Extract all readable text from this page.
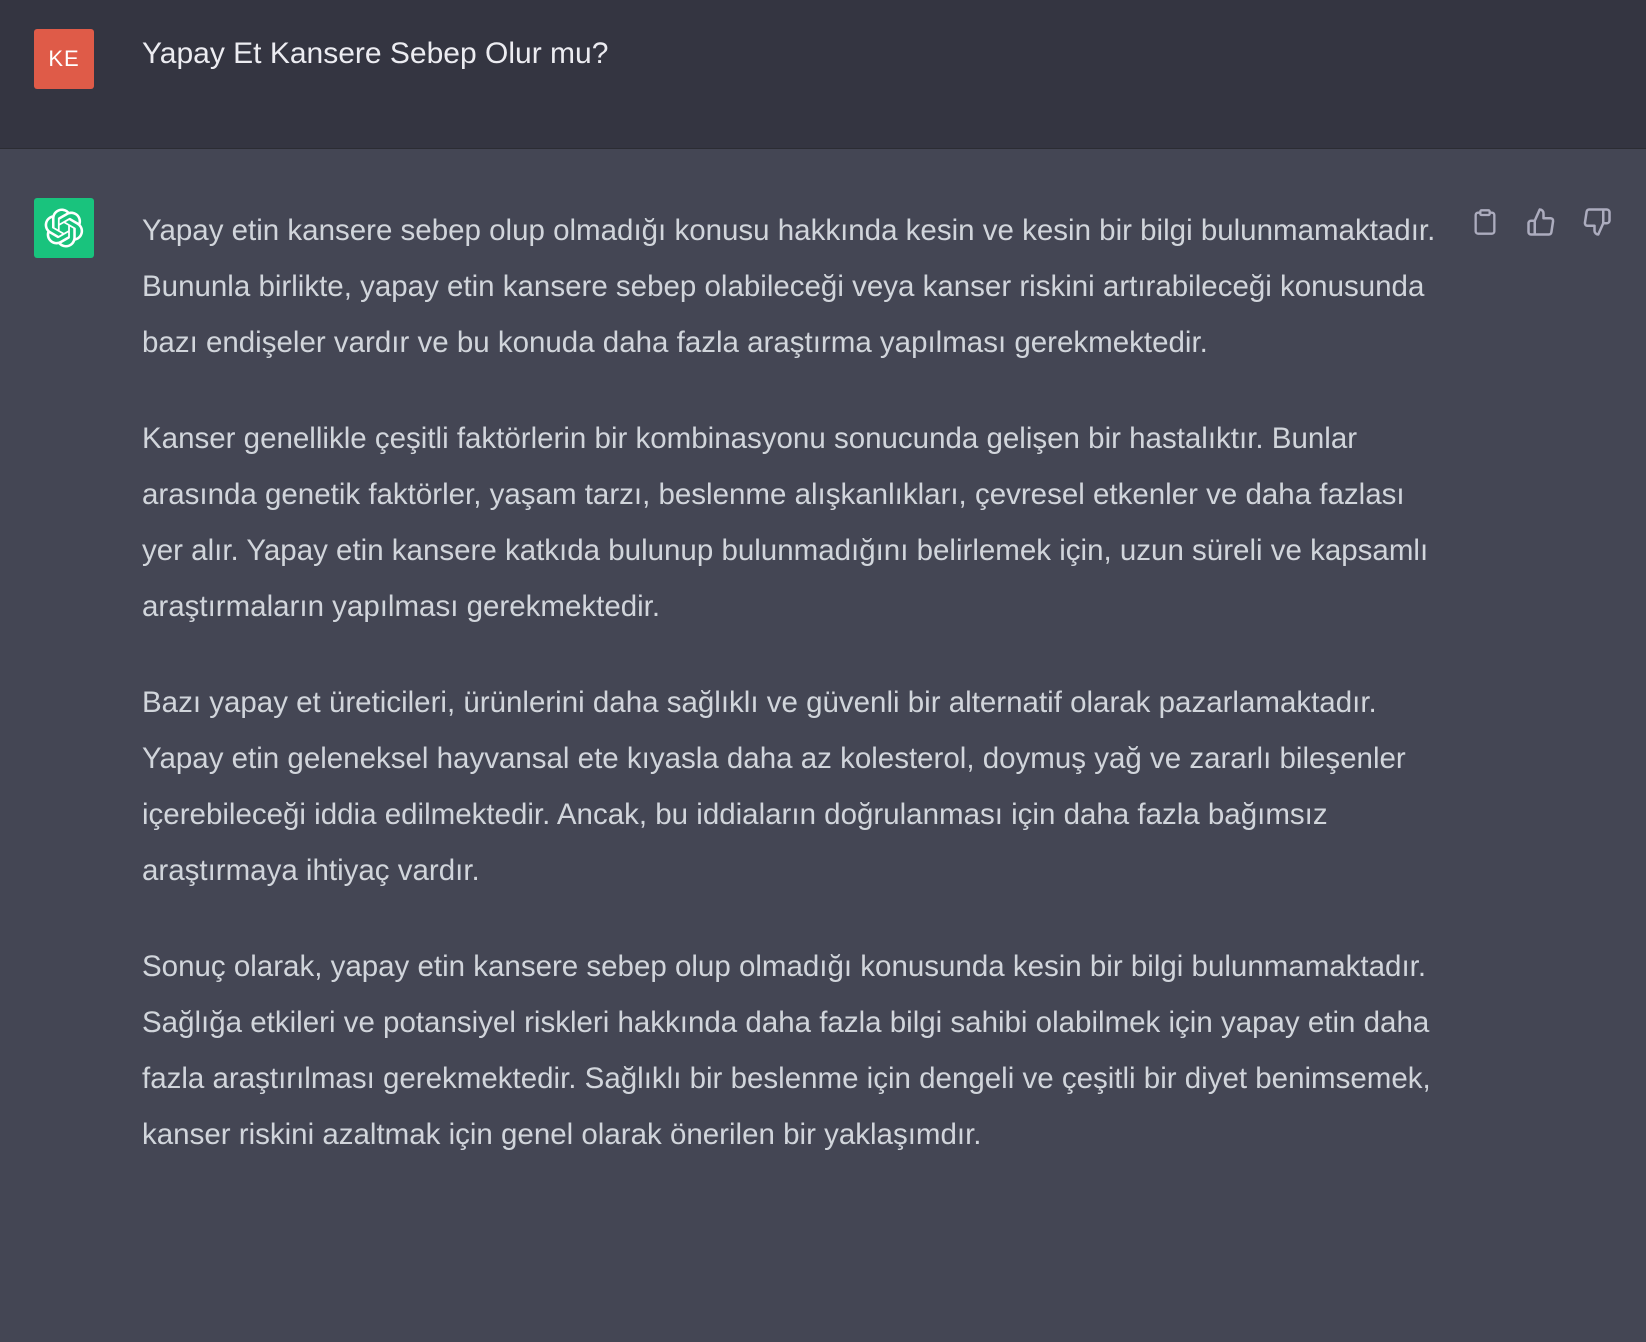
KE	Yapay Et Kansere Sebep Olur mu?

Yapay etin kansere sebep olup olmadığı konusu hakkında kesin ve kesin bir bilgi bulunmamaktadır. Bununla birlikte, yapay etin kansere sebep olabileceği veya kanser riskini artırabileceği konusunda bazı endişeler vardır ve bu konuda daha fazla araştırma yapılması gerekmektedir.

Kanser genellikle çeşitli faktörlerin bir kombinasyonu sonucunda gelişen bir hastalıktır. Bunlar arasında genetik faktörler, yaşam tarzı, beslenme alışkanlıkları, çevresel etkenler ve daha fazlası yer alır. Yapay etin kansere katkıda bulunup bulunmadığını belirlemek için, uzun süreli ve kapsamlı araştırmaların yapılması gerekmektedir.

Bazı yapay et üreticileri, ürünlerini daha sağlıklı ve güvenli bir alternatif olarak pazarlamaktadır. Yapay etin geleneksel hayvansal ete kıyasla daha az kolesterol, doymuş yağ ve zararlı bileşenler içerebileceği iddia edilmektedir. Ancak, bu iddiaların doğrulanması için daha fazla bağımsız araştırmaya ihtiyaç vardır.

Sonuç olarak, yapay etin kansere sebep olup olmadığı konusunda kesin bir bilgi bulunmamaktadır. Sağlığa etkileri ve potansiyel riskleri hakkında daha fazla bilgi sahibi olabilmek için yapay etin daha fazla araştırılması gerekmektedir. Sağlıklı bir beslenme için dengeli ve çeşitli bir diyet benimsemek, kanser riskini azaltmak için genel olarak önerilen bir yaklaşımdır.
